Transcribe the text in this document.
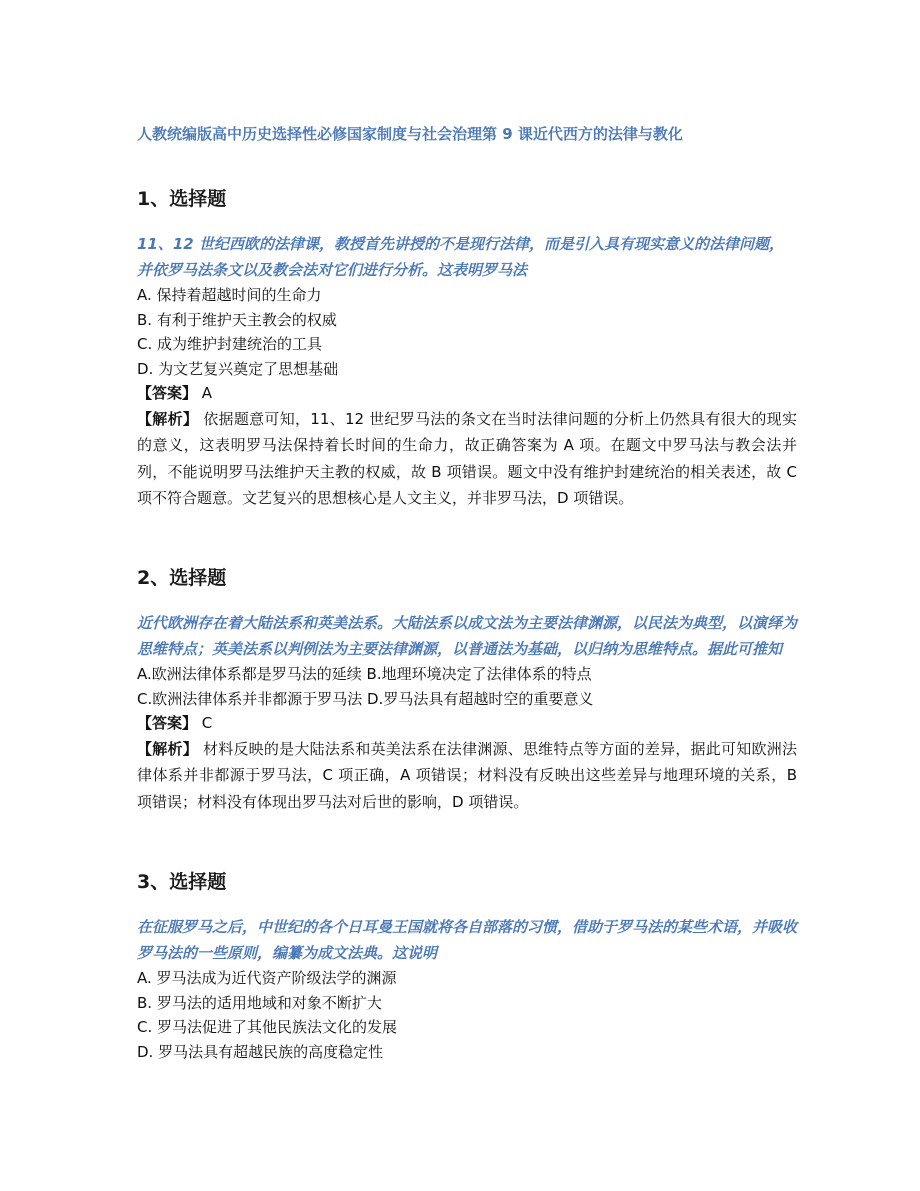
人教统编版高中历史选择性必修国家制度与社会治理第 9 课近代西方的法律与教化
1、选择题
11、12 世纪西欧的法律课，教授首先讲授的不是现行法律，而是引入具有现实意义的法律问题，并依罗马法条文以及教会法对它们进行分析。这表明罗马法
A. 保持着超越时间的生命力
B. 有利于维护天主教会的权威
C. 成为维护封建统治的工具
D. 为文艺复兴奠定了思想基础
【答案】 A
【解析】 依据题意可知，11、12 世纪罗马法的条文在当时法律问题的分析上仍然具有很大的现实的意义，这表明罗马法保持着长时间的生命力，故正确答案为 A 项。在题文中罗马法与教会法并列，不能说明罗马法维护天主教的权威，故 B 项错误。题文中没有维护封建统治的相关表述，故 C 项不符合题意。文艺复兴的思想核心是人文主义，并非罗马法，D 项错误。
2、选择题
近代欧洲存在着大陆法系和英美法系。大陆法系以成文法为主要法律渊源，以民法为典型，以演绎为思维特点；英美法系以判例法为主要法律渊源，以普通法为基础，以归纳为思维特点。据此可推知
A.欧洲法律体系都是罗马法的延续 B.地理环境决定了法律体系的特点
C.欧洲法律体系并非都源于罗马法 D.罗马法具有超越时空的重要意义
【答案】 C
【解析】 材料反映的是大陆法系和英美法系在法律渊源、思维特点等方面的差异，据此可知欧洲法律体系并非都源于罗马法，C 项正确，A 项错误；材料没有反映出这些差异与地理环境的关系，B 项错误；材料没有体现出罗马法对后世的影响，D 项错误。
3、选择题
在征服罗马之后，中世纪的各个日耳曼王国就将各自部落的习惯，借助于罗马法的某些术语，并吸收罗马法的一些原则，编纂为成文法典。这说明
A. 罗马法成为近代资产阶级法学的渊源
B. 罗马法的适用地域和对象不断扩大
C. 罗马法促进了其他民族法文化的发展
D. 罗马法具有超越民族的高度稳定性
